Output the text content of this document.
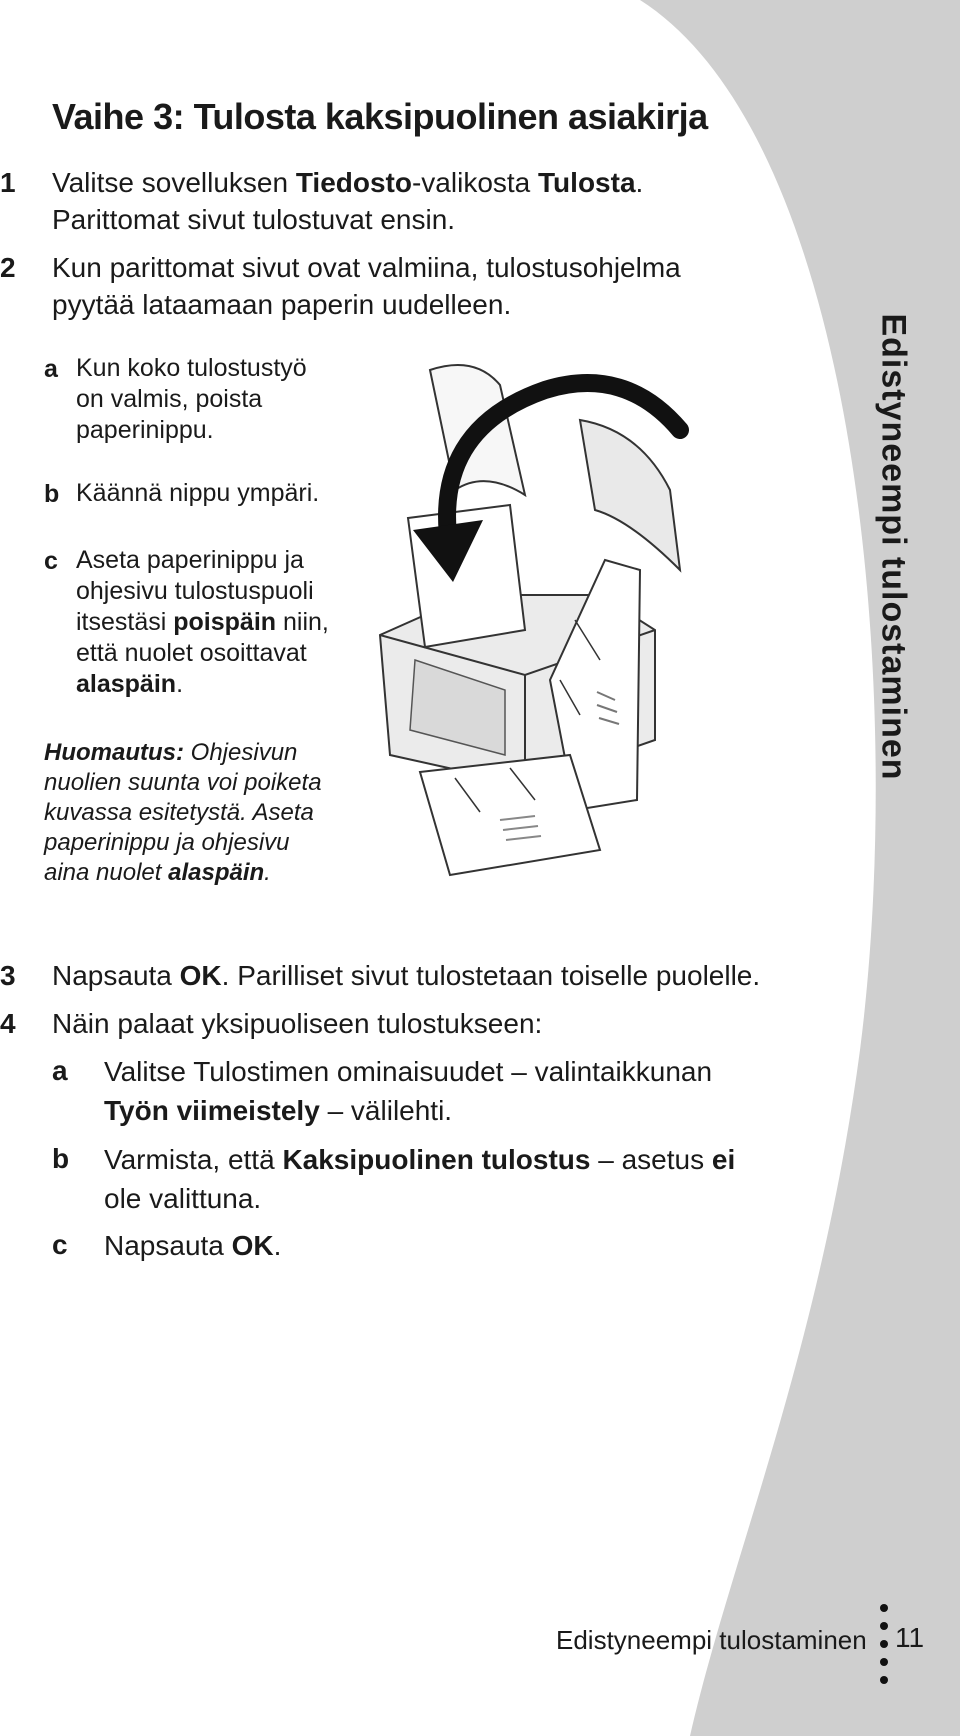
Vaihe 3: Tulosta kaksipuolinen asiakirja
1 Valitse sovelluksen Tiedosto-valikosta Tulosta.
Parittomat sivut tulostuvat ensin.
2 Kun parittomat sivut ovat valmiina, tulostusohjelma
pyytää lataamaan paperin uudelleen.
a Kun koko tulostustyö
on valmis, poista
paperinippu.
b Käännä nippu ympäri.
c Aseta paperinippu ja
ohjesivu tulostuspuoli
itsestäsi poispäin niin,
että nuolet osoittavat
alaspäin.
Huomautus: Ohjesivun
nuolien suunta voi poiketa
kuvassa esitetystä. Aseta
paperinippu ja ohjesivu
aina nuolet alaspäin.
Edistyneempi tulostaminen
3 Napsauta OK. Parilliset sivut tulostetaan toiselle puolelle.
4 Näin palaat yksipuoliseen tulostukseen:
a Valitse Tulostimen ominaisuudet – valintaikkunan
Työn viimeistely – välilehti.
b Varmista, että Kaksipuolinen tulostus – asetus ei
ole valittuna.
c Napsauta OK.
Edistyneempi tulostaminen 11
